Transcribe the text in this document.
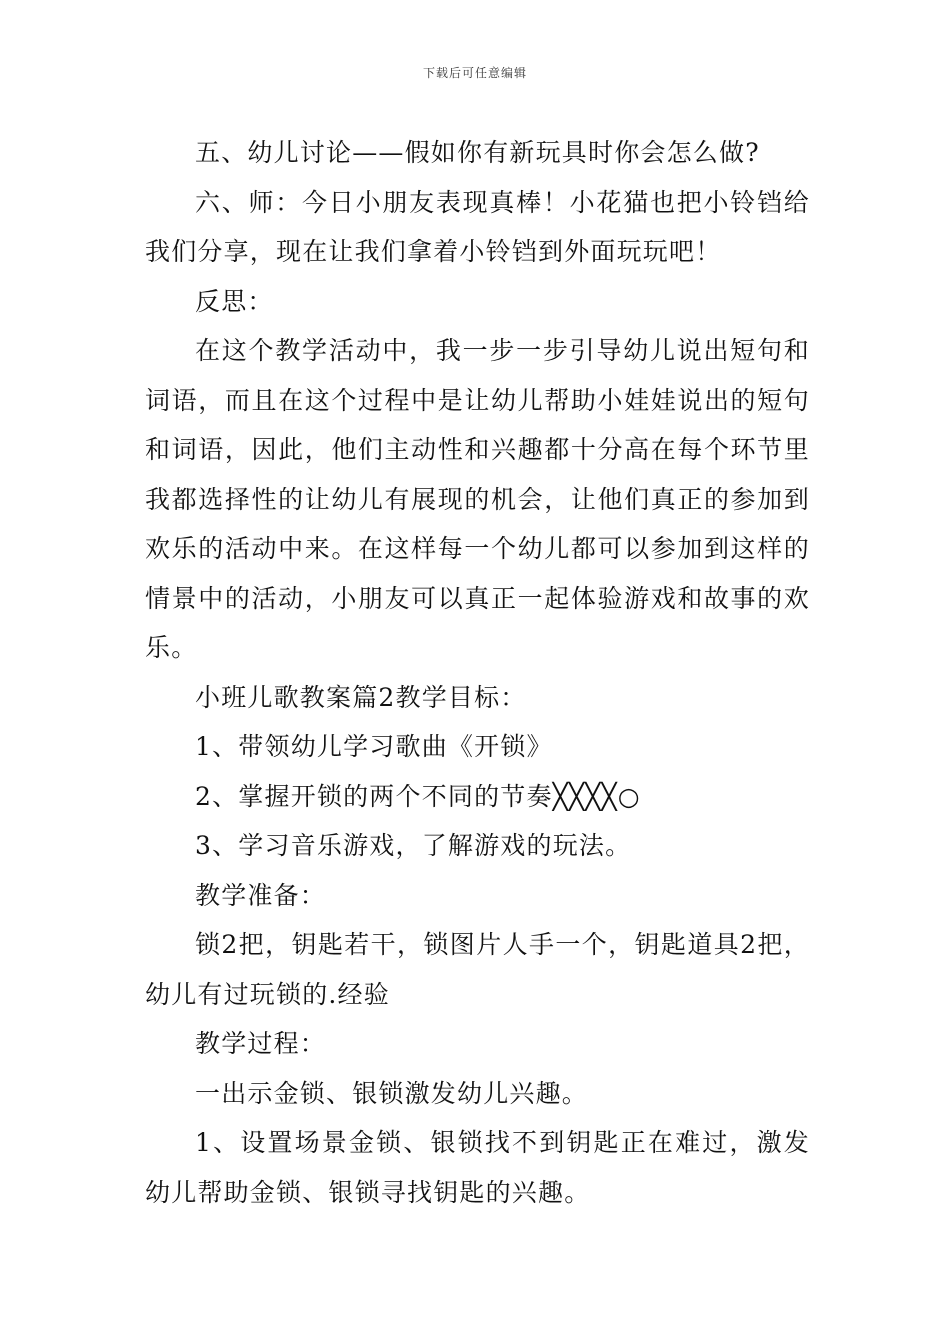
下载后可任意编辑

五、幼儿讨论——假如你有新玩具时你会怎么做?

六、师：今日小朋友表现真棒！小花猫也把小铃铛给我们分享，现在让我们拿着小铃铛到外面玩玩吧！

反思：

在这个教学活动中，我一步一步引导幼儿说出短句和词语，而且在这个过程中是让幼儿帮助小娃娃说出的短句和词语，因此，他们主动性和兴趣都十分高在每个环节里我都选择性的让幼儿有展现的机会，让他们真正的参加到欢乐的活动中来。在这样每一个幼儿都可以参加到这样的情景中的活动，小朋友可以真正一起体验游戏和故事的欢乐。

小班儿歌教案篇2教学目标：

1、带领幼儿学习歌曲《开锁》

2、掌握开锁的两个不同的节奏╳╳╳╳○

3、学习音乐游戏，了解游戏的玩法。

教学准备：

锁2把，钥匙若干，锁图片人手一个，钥匙道具2把，幼儿有过玩锁的.经验

教学过程：

一出示金锁、银锁激发幼儿兴趣。

1、设置场景金锁、银锁找不到钥匙正在难过，激发幼儿帮助金锁、银锁寻找钥匙的兴趣。
